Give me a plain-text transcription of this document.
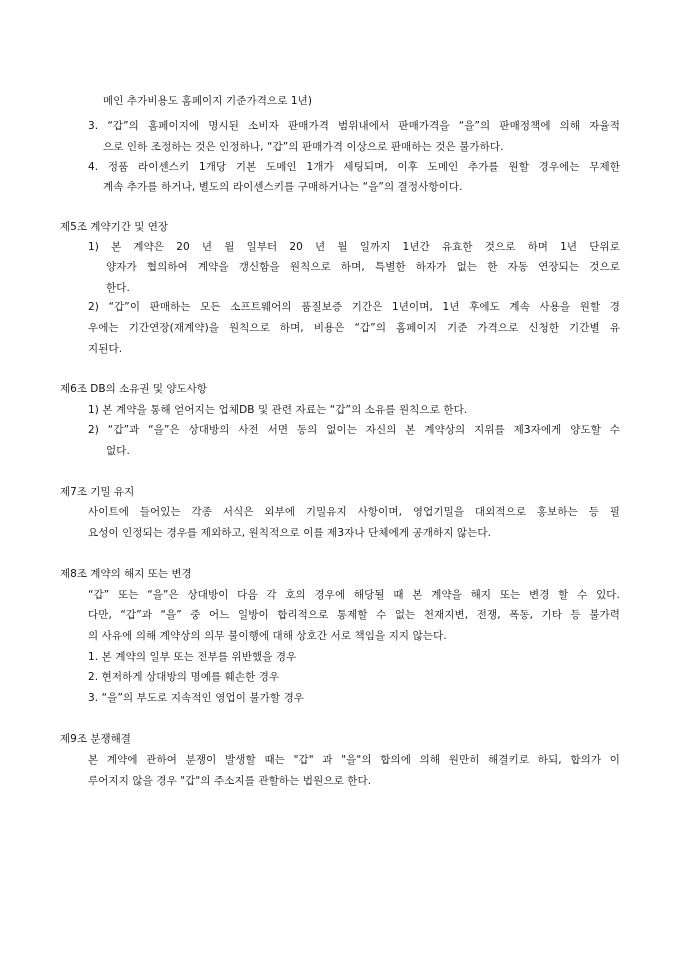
메인 추가비용도 홈페이지 기준가격으로 1년)
3. “갑”의 홈페이지에 명시된 소비자 판매가격 범위내에서 판매가격을 “을”의 판매정책에 의해 자율적
으로 인하 조정하는 것은 인정하나, “갑”의 판매가격 이상으로 판매하는 것은 불가하다.
4. 정품 라이센스키 1개당 기본 도메인 1개가 세팅되며, 이후 도메인 추가를 원할 경우에는 무제한
계속 추가를 하거나, 별도의 라이센스키를 구매하거나는 “을”의 결정사항이다.
제5조 계약기간 및 연장
1) 본 계약은 20 년 월 일부터 20 년 월 일까지 1년간 유효한 것으로 하며 1년 단위로
양자가 협의하여 계약을 갱신함을 원칙으로 하며, 특별한 하자가 없는 한 자동 연장되는 것으로
한다.
2) “갑”이 판매하는 모든 소프트웨어의 품질보증 기간은 1년이며, 1년 후에도 계속 사용을 원할 경
우에는 기간연장(재계약)을 원칙으로 하며, 비용은 “갑”의 홈페이지 기준 가격으로 신청한 기간별 유
지된다.
제6조 DB의 소유권 및 양도사항
1) 본 계약을 통해 얻어지는 업체DB 및 관련 자료는 “갑”의 소유를 원칙으로 한다.
2) “갑”과 “을”은 상대방의 사전 서면 동의 없이는 자신의 본 계약상의 지위를 제3자에게 양도할 수
없다.
제7조 기밀 유지
사이트에 들어있는 각종 서식은 외부에 기밀유지 사항이며, 영업기밀을 대외적으로 홍보하는 등 필
요성이 인정되는 경우를 제외하고, 원칙적으로 이를 제3자나 단체에게 공개하지 않는다.
제8조 계약의 해지 또는 변경
“갑” 또는 “을”은 상대방이 다음 각 호의 경우에 해당될 때 본 계약을 해지 또는 변경 할 수 있다.
다만, “갑”과 “을” 중 어느 일방이 합리적으로 통제할 수 없는 천재지변, 전쟁, 폭동, 기타 등 불가력
의 사유에 의해 계약상의 의무 불이행에 대해 상호간 서로 책임을 지지 않는다.
1. 본 계약의 일부 또는 전부를 위반했을 경우
2. 현저하게 상대방의 명예를 훼손한 경우
3. “을”의 부도로 지속적인 영업이 불가할 경우
제9조 분쟁해결
본 계약에 관하여 분쟁이 발생할 때는 "갑" 과 "을"의 합의에 의해 원만히 해결키로 하되, 합의가 이
루어지지 않을 경우 "갑"의 주소지를 관할하는 법원으로 한다.
